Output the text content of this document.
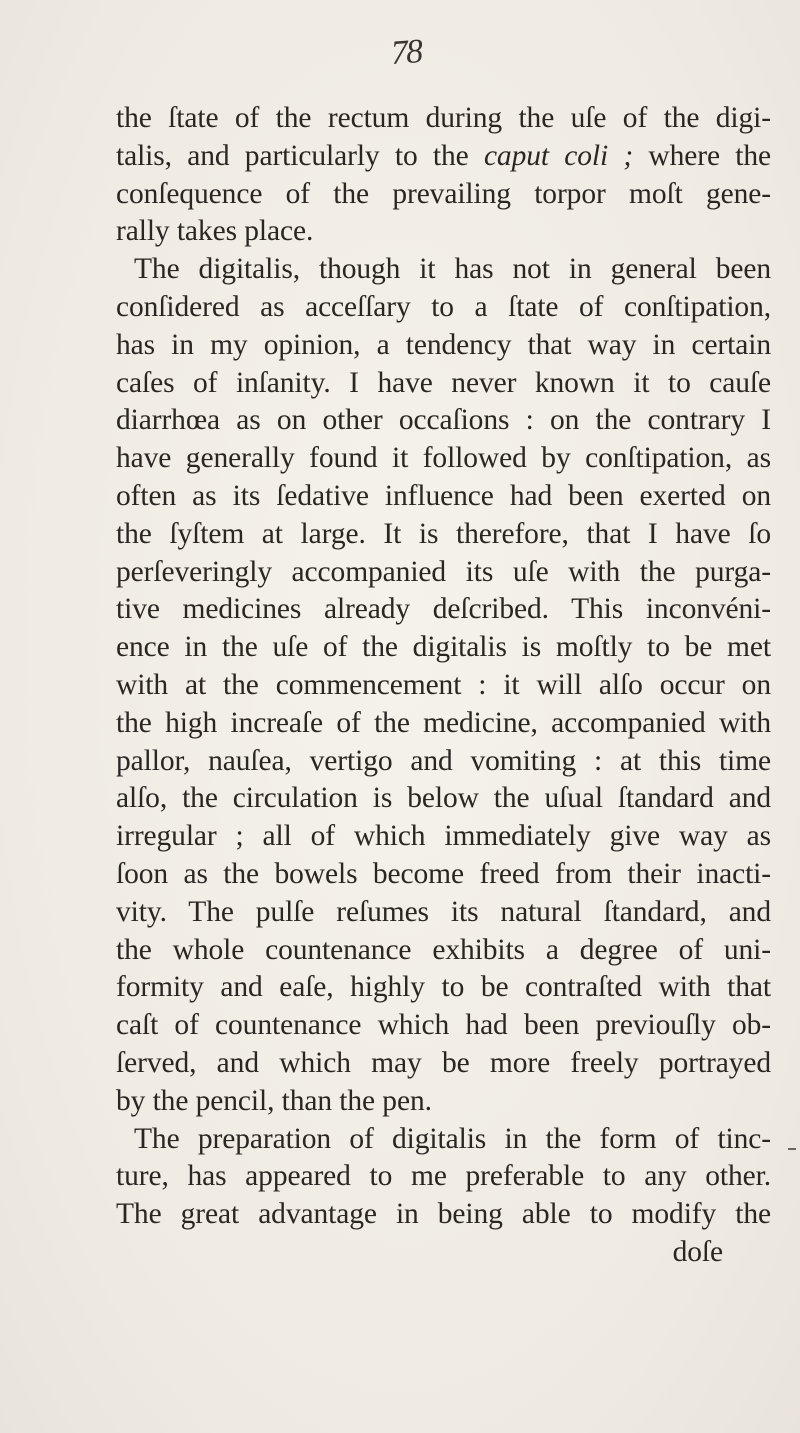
78
the ſtate of the rectum during the uſe of the digi-
talis, and particularly to the caput coli ; where the
conſequence of the prevailing torpor moſt gene-
rally takes place.
The digitalis, though it has not in general been
conſidered as acceſſary to a ſtate of conſtipation,
has in my opinion, a tendency that way in certain
caſes of inſanity. I have never known it to cauſe
diarrhœa as on other occaſions : on the contrary I
have generally found it followed by conſtipation, as
often as its ſedative influence had been exerted on
the ſyſtem at large. It is therefore, that I have ſo
perſeveringly accompanied its uſe with the purga-
tive medicines already deſcribed. This inconvéni-
ence in the uſe of the digitalis is moſtly to be met
with at the commencement : it will alſo occur on
the high increaſe of the medicine, accompanied with
pallor, nauſea, vertigo and vomiting : at this time
alſo, the circulation is below the uſual ſtandard and
irregular ; all of which immediately give way as
ſoon as the bowels become freed from their inacti-
vity. The pulſe reſumes its natural ſtandard, and
the whole countenance exhibits a degree of uni-
formity and eaſe, highly to be contraſted with that
caſt of countenance which had been previouſly ob-
ſerved, and which may be more freely portrayed
by the pencil, than the pen.
The preparation of digitalis in the form of tinc-
ture, has appeared to me preferable to any other.
The great advantage in being able to modify the
doſe
